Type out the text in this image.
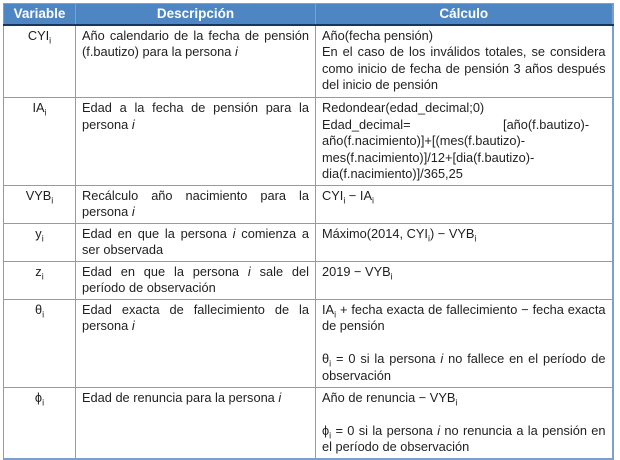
Variable	Descripción	Cálculo
$CYI_i$	Año calendario de la fecha de pensión (f.bautizo) para la persona i	Año(fecha pensión)
En el caso de los inválidos totales, se considera como inicio de fecha de pensión 3 años después del inicio de pensión
$IA_i$	Edad a la fecha de pensión para la persona i	Redondear(edad_decimal;0)
Edad_decimal=                          [año(f.bautizo)-
año(f.nacimiento)]+[(mes(f.bautizo)-
mes(f.nacimiento)]/12+[dia(f.bautizo)-
dia(f.nacimiento)]/365,25
$VYB_i$	Recálculo año nacimiento para la persona i	$CYI_i - IA_i$
$y_i$	Edad en que la persona i comienza a ser observada	Máximo(2014, $CYI_i) - VYB_i$
$z_i$	Edad en que la persona i sale del período de observación	$2019 - VYB_i$
$\theta_i$	Edad exacta de fallecimiento de la persona i	$IA_i$ + fecha exacta de fallecimiento − fecha exacta de pensión

$\theta_i = 0$ si la persona i no fallece en el período de observación
$\phi_i$	Edad de renuncia para la persona i	Año de renuncia − $VYB_i$

$\phi_i = 0$ si la persona i no renuncia a la pensión en el período de observación
